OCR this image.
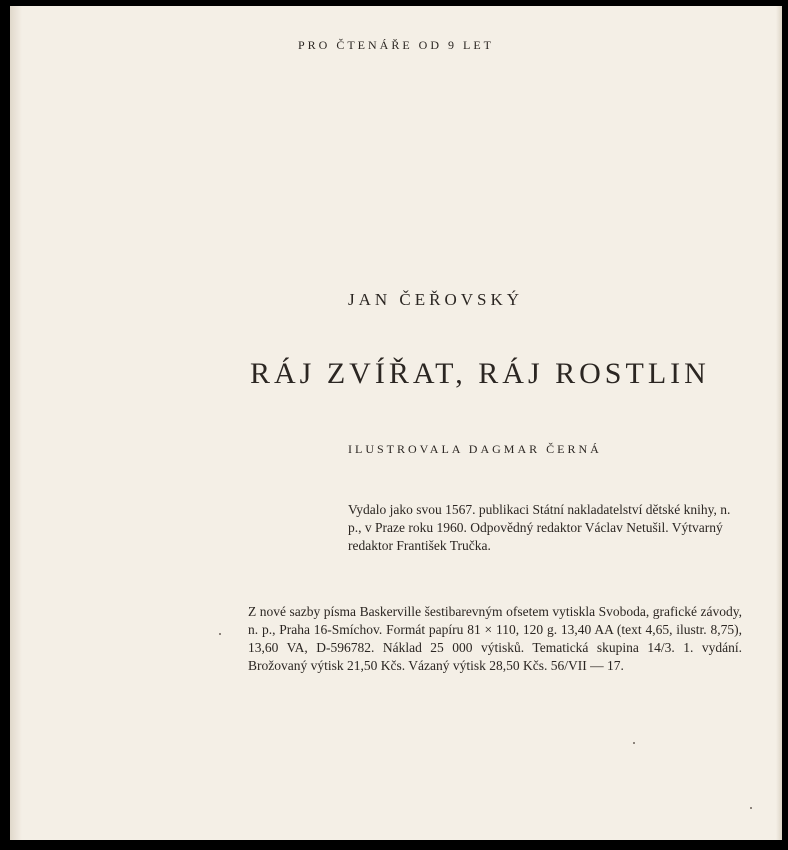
PRO ČTENÁŘE OD 9 LET
JAN ČEŘOVSKÝ
RÁJ ZVÍŘAT, RÁJ ROSTLIN
ILUSTROVALA DAGMAR ČERNÁ
Vydalo jako svou 1567. publikaci Státní nakladatelství dětské knihy, n. p., v Praze roku 1960. Odpovědný redaktor Václav Netušil. Výtvarný redaktor František Tručka.
Z nové sazby písma Baskerville šestibarevným ofsetem vytiskla Svoboda, grafické závody, n. p., Praha 16-Smíchov. Formát papíru 81 × 110, 120 g. 13,40 AA (text 4,65, ilustr. 8,75), 13,60 VA, D-596782. Náklad 25 000 výtisků. Tematická skupina 14/3. 1. vydání. Brožovaný výtisk 21,50 Kčs. Vázaný výtisk 28,50 Kčs. 56/VII — 17.
